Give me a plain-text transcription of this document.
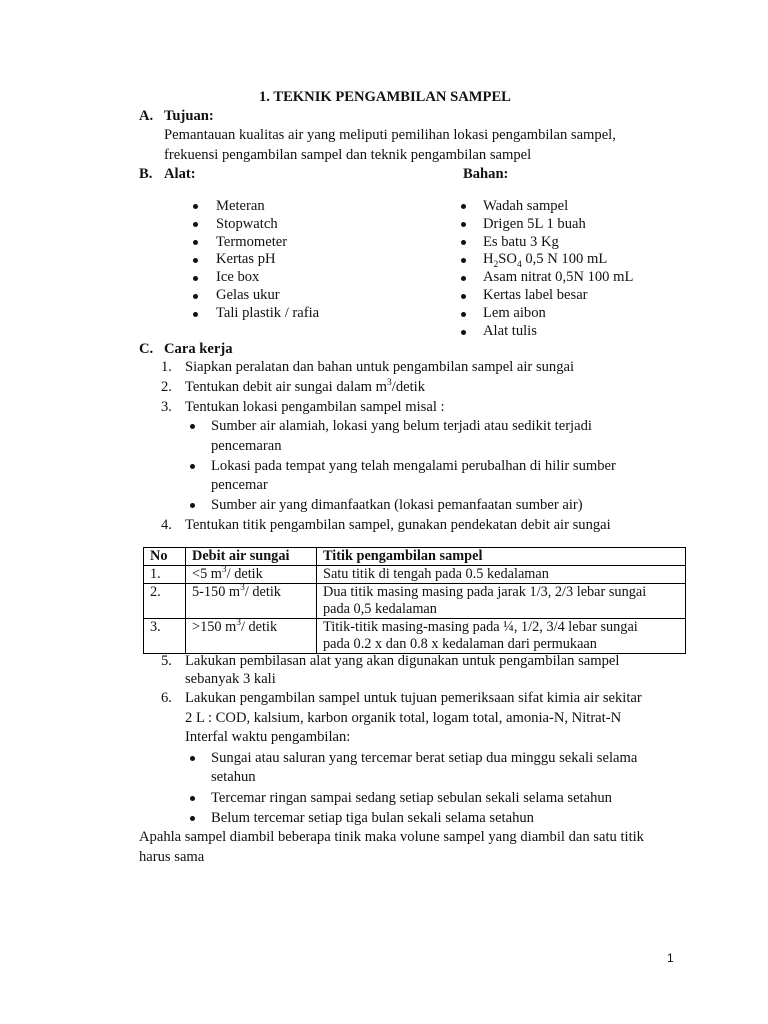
1. TEKNIK PENGAMBILAN SAMPEL
A. Tujuan:
Pemantauan kualitas air yang meliputi pemilihan lokasi pengambilan sampel,
frekuensi pengambilan sampel dan teknik pengambilan sampel
B. Alat:	Bahan:
Meteran
Stopwatch
Termometer
Kertas pH
Ice box
Gelas ukur
Tali plastik / rafia
Wadah sampel
Drigen 5L 1 buah
Es batu 3 Kg
$H_2SO_4$ 0,5 N 100 mL
Asam nitrat 0,5N 100 mL
Kertas label besar
Lem aibon
Alat tulis
C. Cara kerja
1. Siapkan peralatan dan bahan untuk pengambilan sampel air sungai
2. Tentukan debit air sungai dalam $m^3$/detik
3. Tentukan lokasi pengambilan sampel misal :
Sumber air alamiah, lokasi yang belum terjadi atau sedikit terjadi
pencemaran
Lokasi pada tempat yang telah mengalami perubalhan di hilir sumber
pencemar
Sumber air yang dimanfaatkan (lokasi pemanfaatan sumber air)
4. Tentukan titik pengambilan sampel, gunakan pendekatan debit air sungai
No	Debit air sungai	Titik pengambilan sampel
1.	<5 $m^3/$ detik	Satu titik di tengah pada 0.5 kedalaman
2.	5-150 $m^3/$ detik	Dua titik masing masing pada jarak 1/3, 2/3 lebar sungai
pada 0,5 kedalaman

3.	>150 $m^3/$ detik	Titik-titik masing-masing pada ¼, 1/2, 3/4 lebar sungai
pada 0.2 x dan 0.8 x kedalaman dari permukaan
5. Lakukan pembilasan alat yang akan digunakan untuk pengambilan sampel
sebanyak 3 kali
6. Lakukan pengambilan sampel untuk tujuan pemeriksaan sifat kimia air sekitar
2 L : COD, kalsium, karbon organik total, logam total, amonia-N, Nitrat-N
Interfal waktu pengambilan:
Sungai atau saluran yang tercemar berat setiap dua minggu sekali selama
setahun
Tercemar ringan sampai sedang setiap sebulan sekali selama setahun
Belum tercemar setiap tiga bulan sekali selama setahun
Apahla sampel diambil beberapa tinik maka volune sampel yang diambil dan satu titik
harus sama
1
